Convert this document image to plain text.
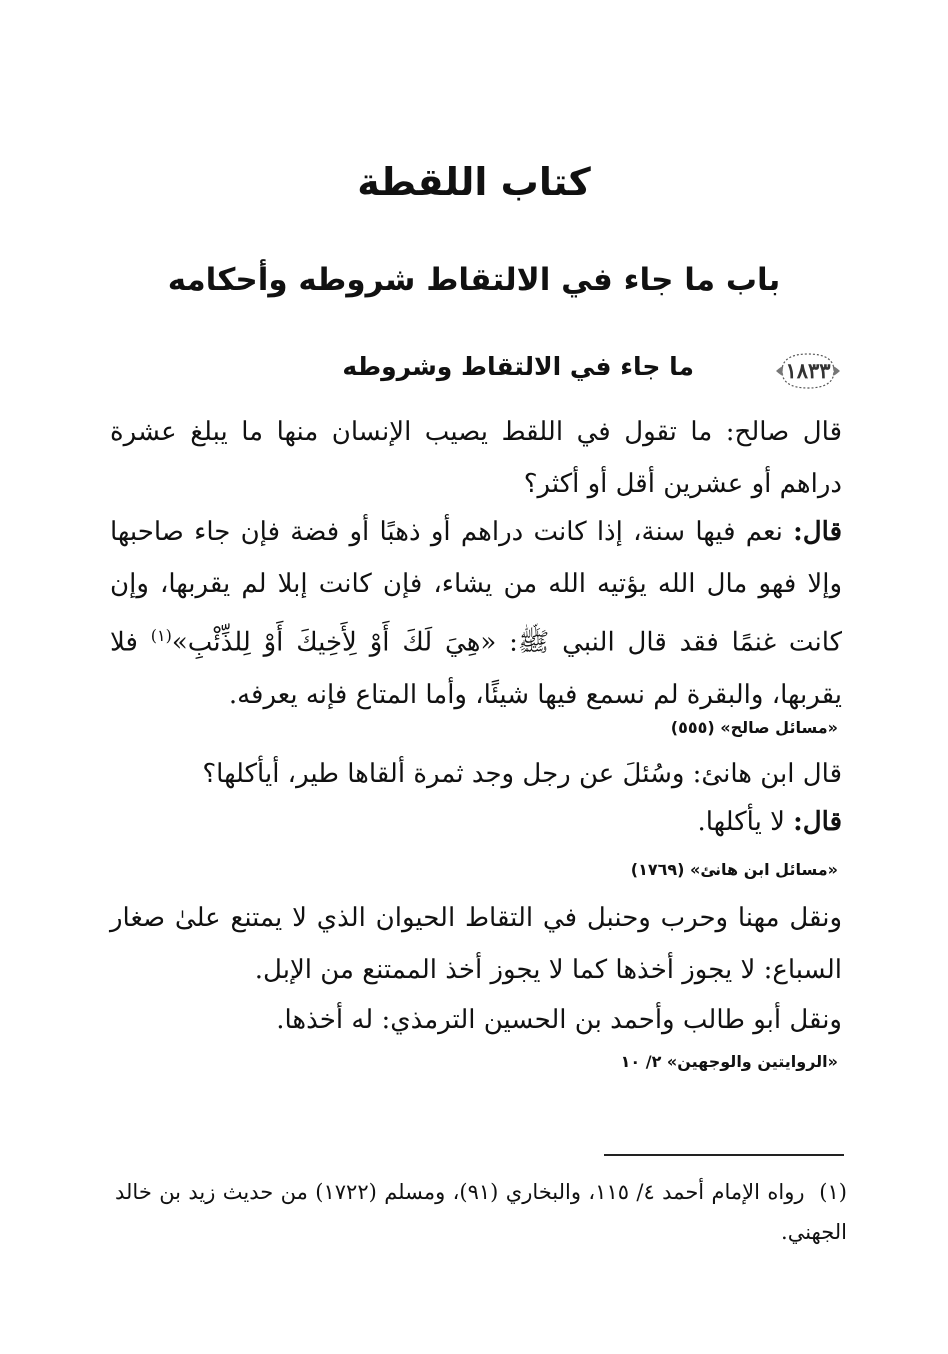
كتاب اللقطة
باب ما جاء في الالتقاط شروطه وأحكامه
١٨٣٣
ما جاء في الالتقاط وشروطه
قال صالح: ما تقول في اللقط يصيب الإنسان منها ما يبلغ عشرة دراهم أو عشرين أقل أو أكثر؟
قال: نعم فيها سنة، إذا كانت دراهم أو ذهبًا أو فضة فإن جاء صاحبها وإلا فهو مال الله يؤتيه الله من يشاء، فإن كانت إبلا لم يقربها، وإن كانت غنمًا فقد قال النبي ﷺ: «هِيَ لَكَ أَوْ لِأَخِيكَ أَوْ لِلذِّئْبِ»$^{(١)}$ فلا يقربها، والبقرة لم نسمع فيها شيئًا، وأما المتاع فإنه يعرفه.
«مسائل صالح» (٥٥٥)
قال ابن هانئ: وسُئلَ عن رجل وجد ثمرة ألقاها طير، أيأكلها؟
قال: لا يأكلها.
«مسائل ابن هانئ» (١٧٦٩)
ونقل مهنا وحرب وحنبل في التقاط الحيوان الذي لا يمتنع علىٰ صغار السباع: لا يجوز أخذها كما لا يجوز أخذ الممتنع من الإبل.
ونقل أبو طالب وأحمد بن الحسين الترمذي: له أخذها.
«الروايتين والوجهين» ٢/ ١٠
(١)  رواه الإمام أحمد ٤/ ١١٥، والبخاري (٩١)، ومسلم (١٧٢٢) من حديث زيد بن خالد الجهني.
